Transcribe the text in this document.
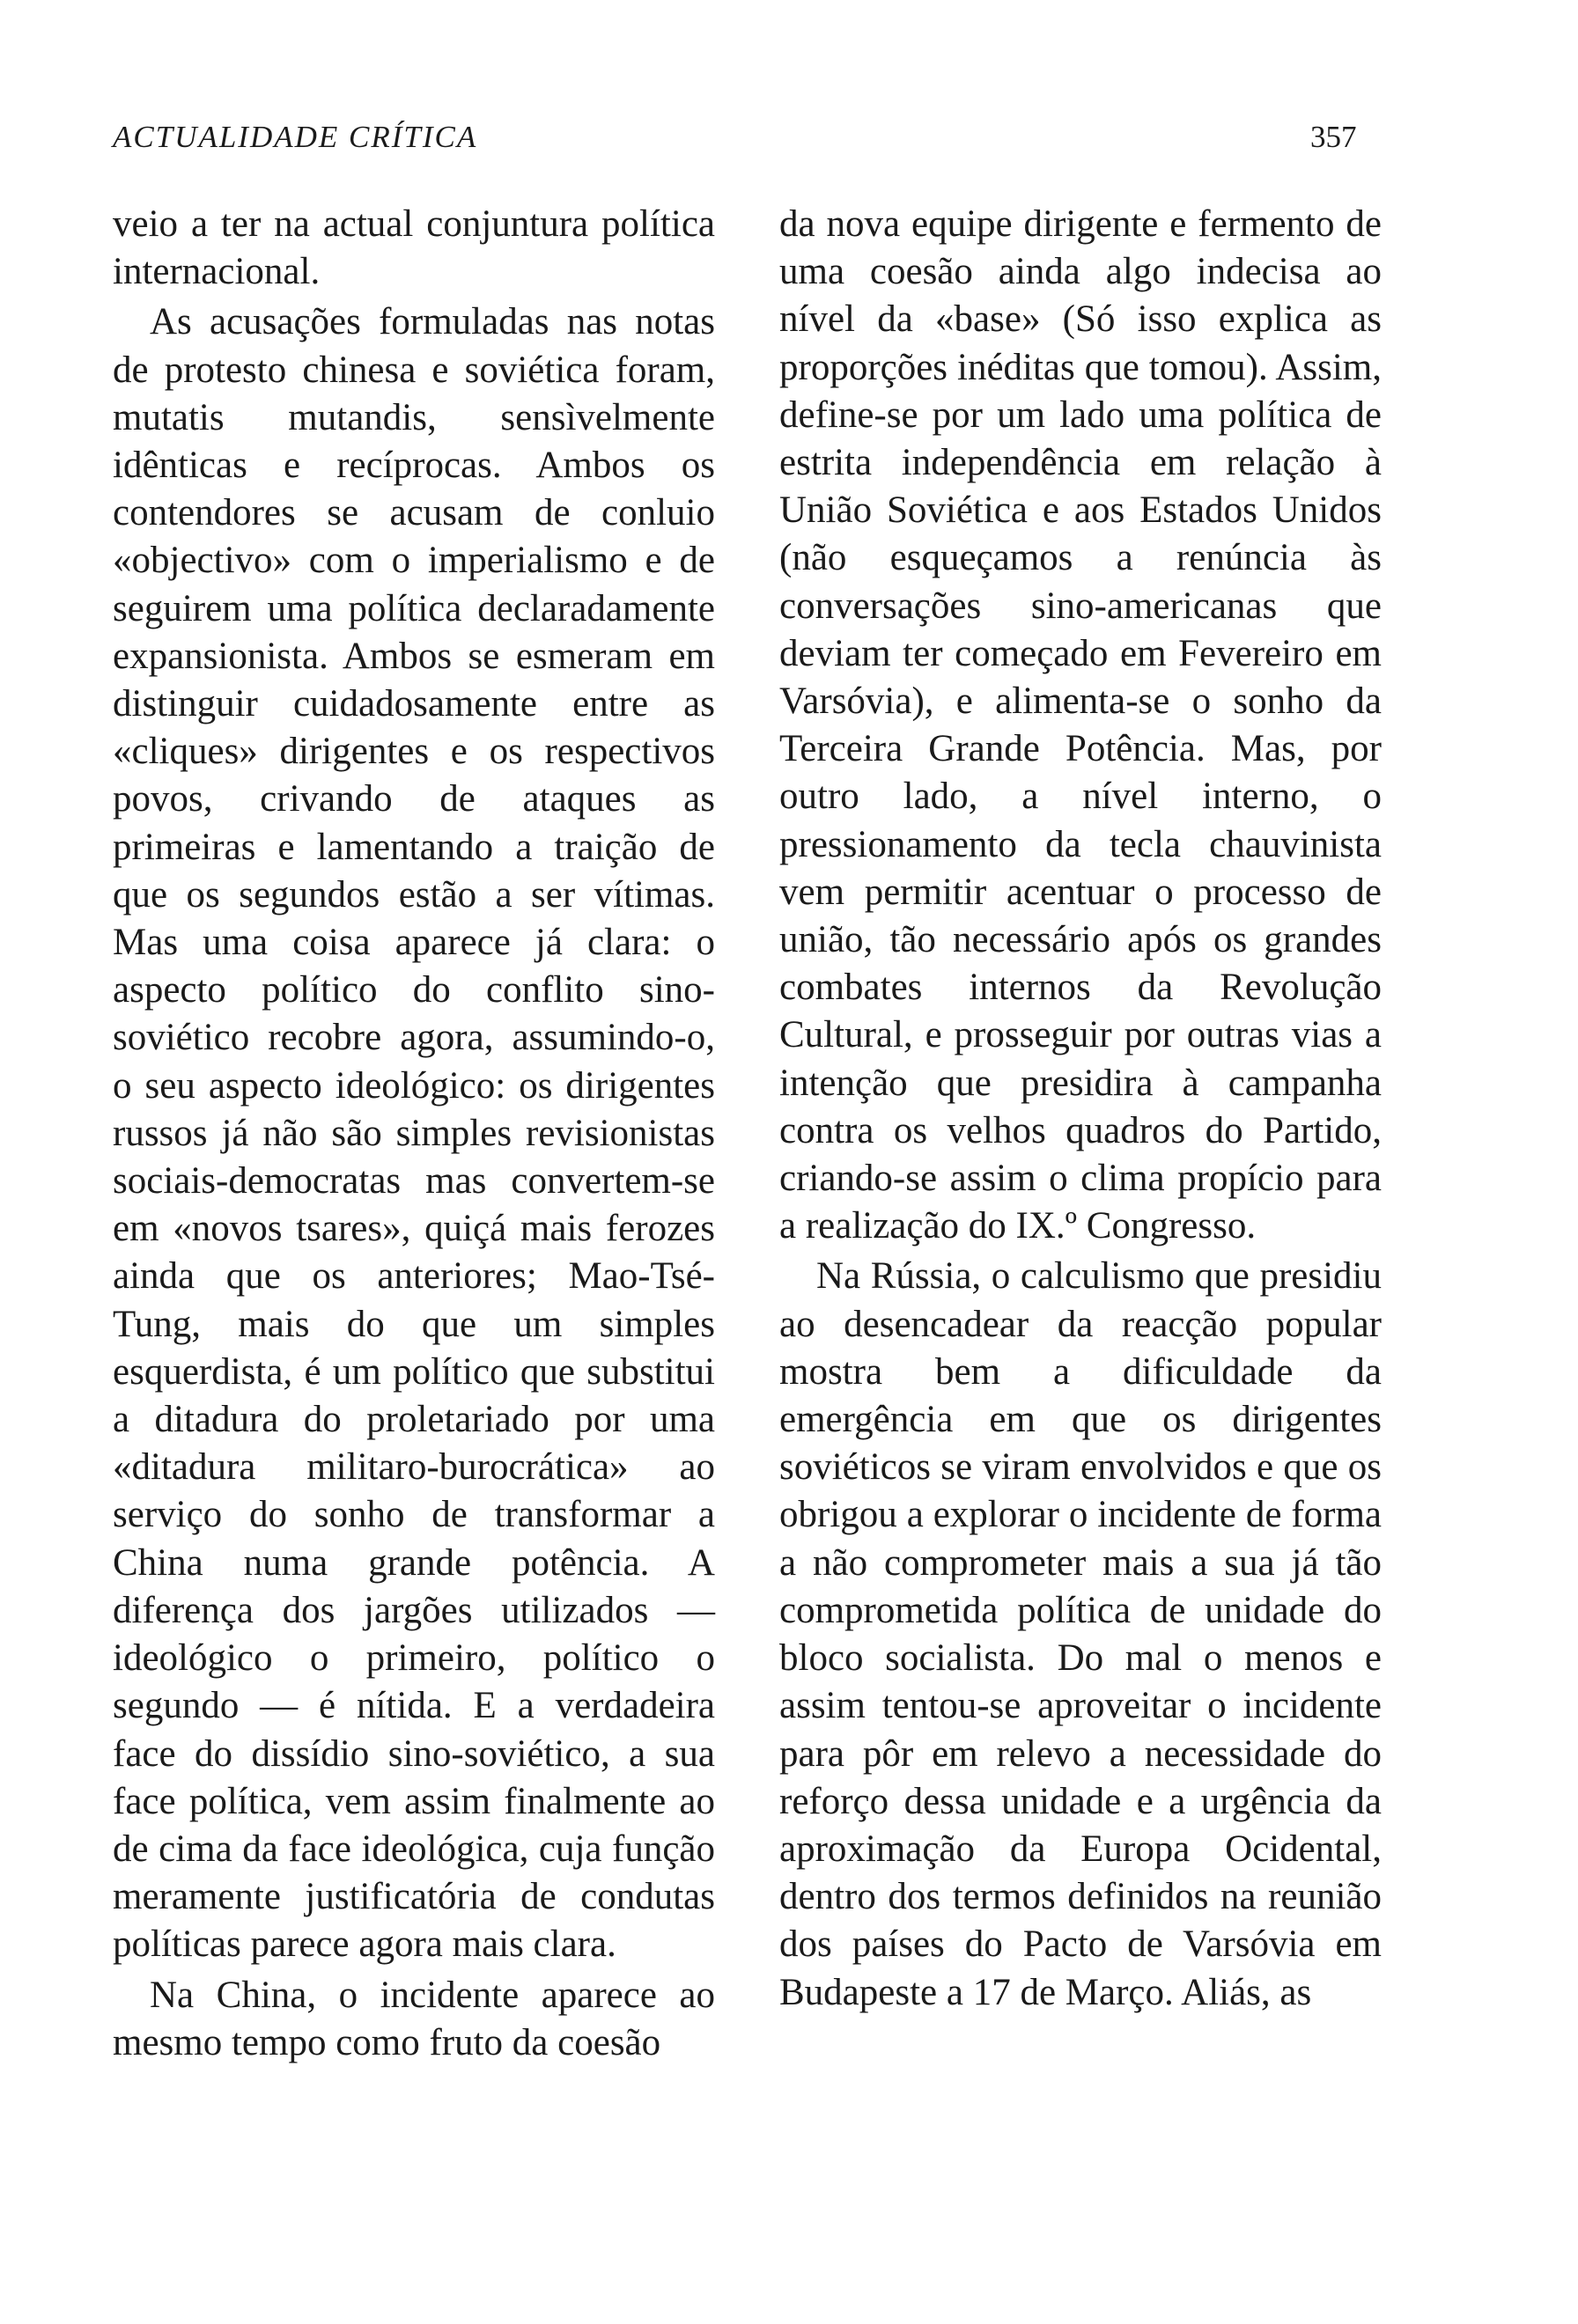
ACTUALIDADE CRÍTICA	357

veio a ter na actual conjuntura política internacional.

As acusações formuladas nas notas de protesto chinesa e soviética foram, mutatis mutandis, sensìvelmente idênticas e recíprocas. Ambos os contendores se acusam de conluio «objectivo» com o imperialismo e de seguirem uma política declaradamente expansionista. Ambos se esmeram em distinguir cuidadosamente entre as «cliques» dirigentes e os respectivos povos, crivando de ataques as primeiras e lamentando a traição de que os segundos estão a ser vítimas. Mas uma coisa aparece já clara: o aspecto político do conflito sino-soviético recobre agora, assumindo-o, o seu aspecto ideológico: os dirigentes russos já não são simples revisionistas sociais-democratas mas convertem-se em «novos tsares», quiçá mais ferozes ainda que os anteriores; Mao-Tsé-Tung, mais do que um simples esquerdista, é um político que substitui a ditadura do proletariado por uma «ditadura militaro-burocrática» ao serviço do sonho de transformar a China numa grande potência. A diferença dos jargões utilizados — ideológico o primeiro, político o segundo — é nítida. E a verdadeira face do dissídio sino-soviético, a sua face política, vem assim finalmente ao de cima da face ideológica, cuja função meramente justificatória de condutas políticas parece agora mais clara.

Na China, o incidente aparece ao mesmo tempo como fruto da coesão

da nova equipe dirigente e fermento de uma coesão ainda algo indecisa ao nível da «base» (Só isso explica as proporções inéditas que tomou). Assim, define-se por um lado uma política de estrita independência em relação à União Soviética e aos Estados Unidos (não esqueçamos a renúncia às conversações sino-americanas que deviam ter começado em Fevereiro em Varsóvia), e alimenta-se o sonho da Terceira Grande Potência. Mas, por outro lado, a nível interno, o pressionamento da tecla chauvinista vem permitir acentuar o processo de união, tão necessário após os grandes combates internos da Revolução Cultural, e prosseguir por outras vias a intenção que presidira à campanha contra os velhos quadros do Partido, criando-se assim o clima propício para a realização do IX.º Congresso.

Na Rússia, o calculismo que presidiu ao desencadear da reacção popular mostra bem a dificuldade da emergência em que os dirigentes soviéticos se viram envolvidos e que os obrigou a explorar o incidente de forma a não comprometer mais a sua já tão comprometida política de unidade do bloco socialista. Do mal o menos e assim tentou-se aproveitar o incidente para pôr em relevo a necessidade do reforço dessa unidade e a urgência da aproximação da Europa Ocidental, dentro dos termos definidos na reunião dos países do Pacto de Varsóvia em Budapeste a 17 de Março. Aliás, as
